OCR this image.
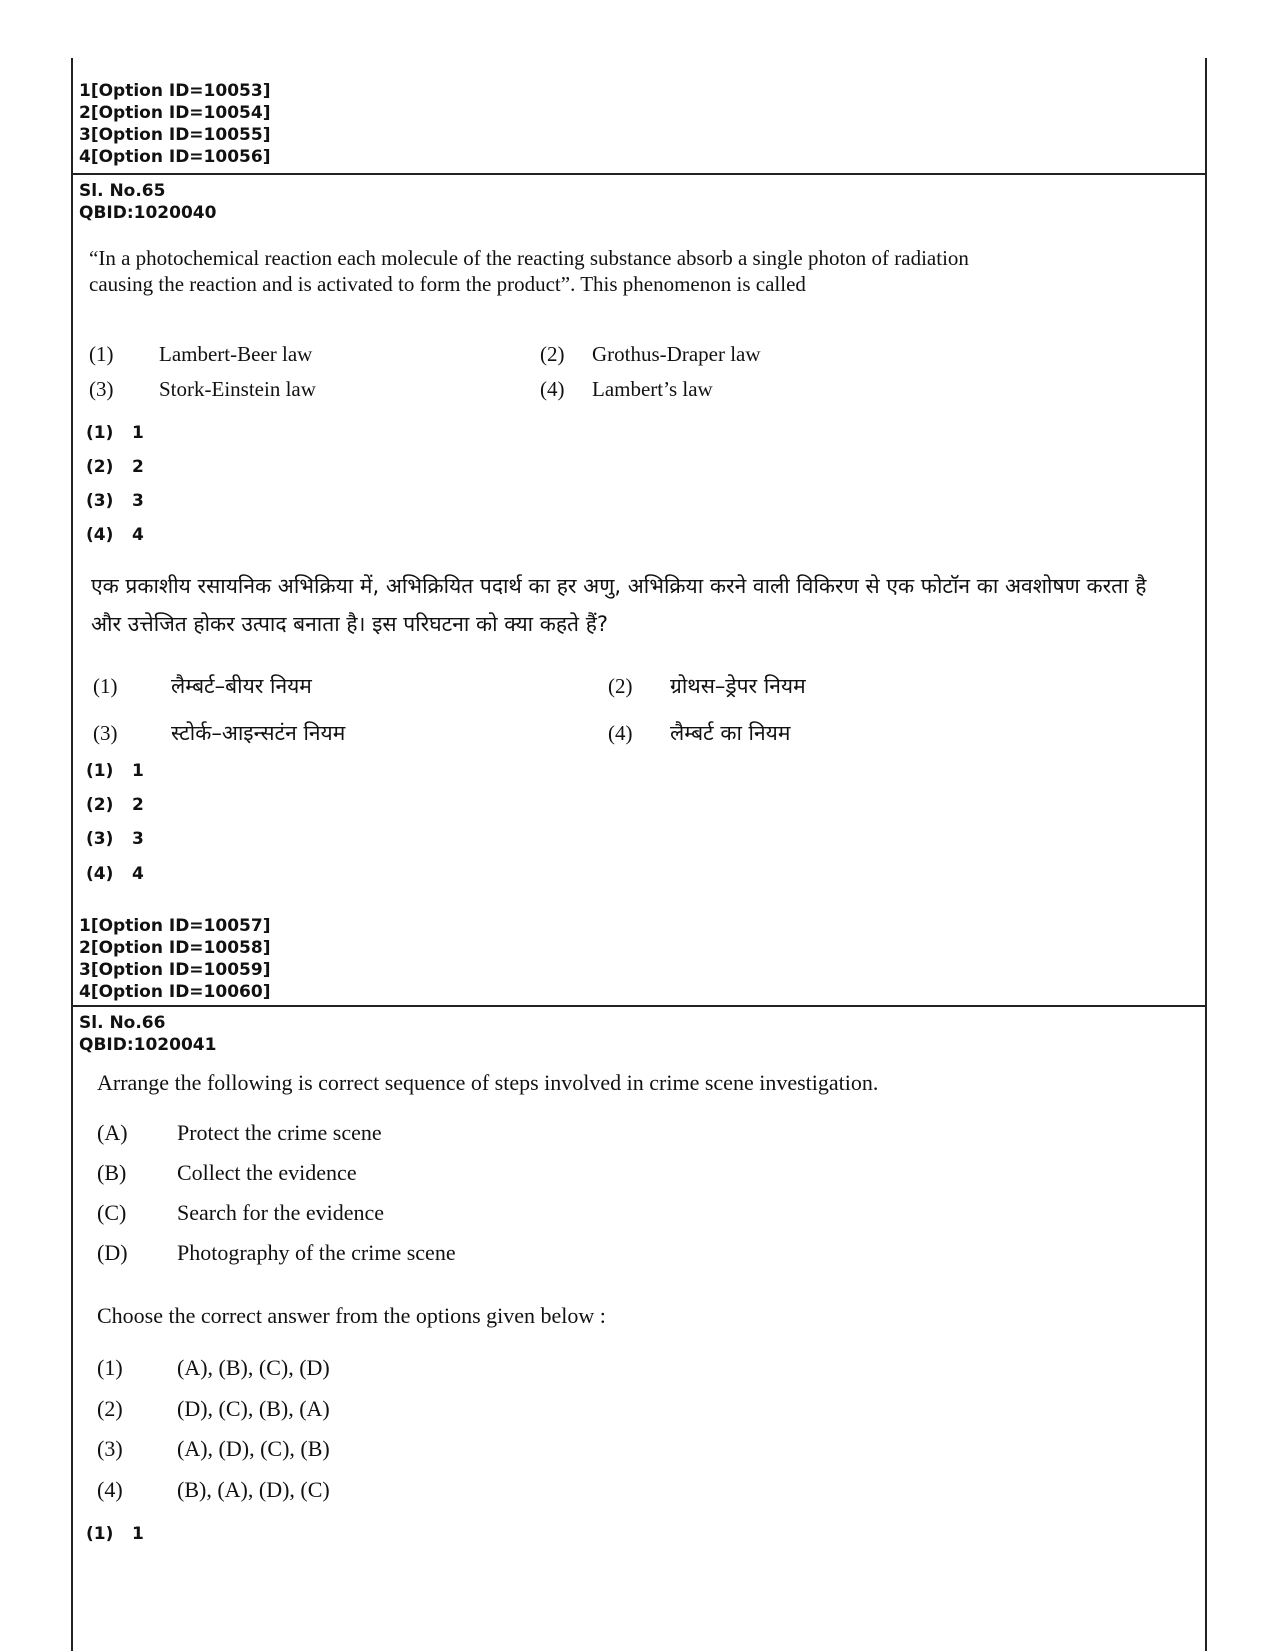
1[Option ID=10053]
2[Option ID=10054]
3[Option ID=10055]
4[Option ID=10056]
Sl. No.65
QBID:1020040
“In a photochemical reaction each molecule of the reacting substance absorb a single photon of radiation causing the reaction and is activated to form the product”. This phenomenon is called
(1) Lambert-Beer law	(2) Grothus-Draper law
(3) Stork-Einstein law	(4) Lambert’s law
(1) 1
(2) 2
(3) 3
(4) 4
एक प्रकाशीय रसायनिक अभिक्रिया में, अभिक्रियित पदार्थ का हर अणु, अभिक्रिया करने वाली विकिरण से एक फोटॉन का अवशोषण करता है और उत्तेजित होकर उत्पाद बनाता है। इस परिघटना को क्या कहते हैं?
(1)	लैम्बर्ट–बीयर नियम	(2) ग्रोथस–ड्रेपर नियम
(3)	स्टोर्क–आइन्सटंन नियम	(4) लैम्बर्ट का नियम
(1) 1
(2) 2
(3) 3
(4) 4
1[Option ID=10057]
2[Option ID=10058]
3[Option ID=10059]
4[Option ID=10060]
Sl. No.66
QBID:1020041
Arrange the following is correct sequence of steps involved in crime scene investigation.
(A) Protect the crime scene
(B) Collect the evidence
(C) Search for the evidence
(D) Photography of the crime scene
Choose the correct answer from the options given below :
(1) (A), (B), (C), (D)
(2) (D), (C), (B), (A)
(3) (A), (D), (C), (B)
(4) (B), (A), (D), (C)
(1) 1
